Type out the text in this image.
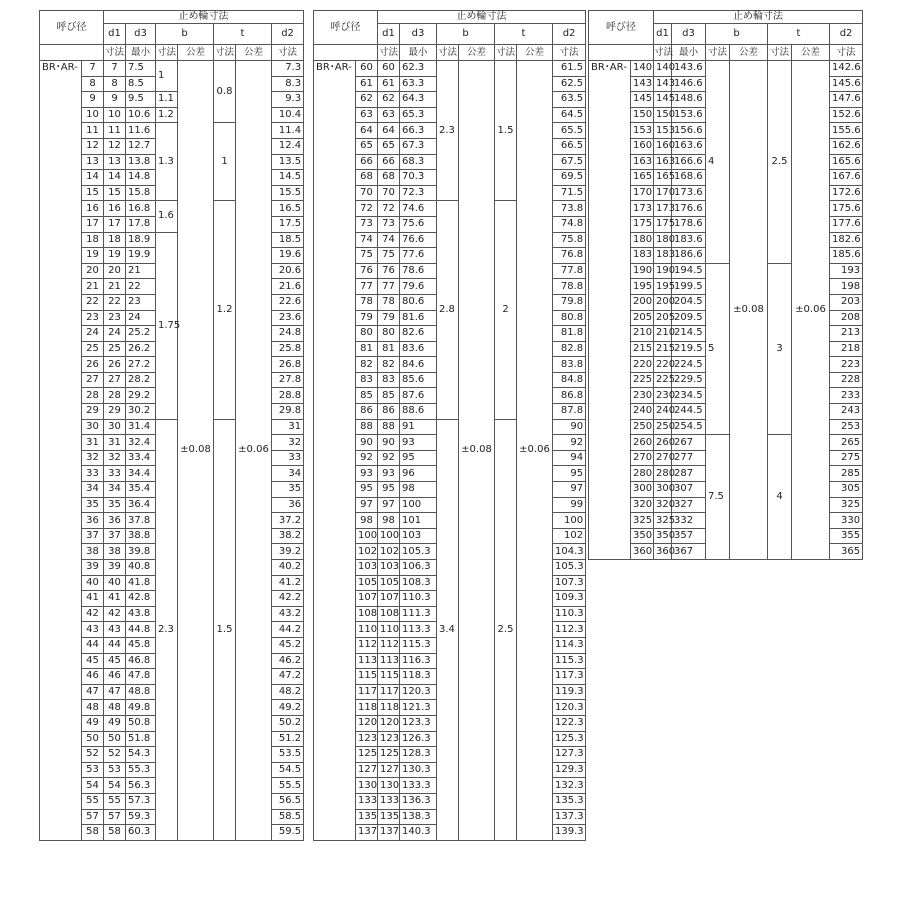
呼び径		止め輪寸法						
		d1	d3	b		t		d2
		寸法	最小	寸法	公差	寸法	公差	寸法
BR･AR-	7	7	7.5	1	±0.08	0.8	±0.06	7.3
	8	8	8.5					8.3
	9	9	9.5	1.1				9.3
	10	10	10.6	1.2				10.4
	11	11	11.6	1.3		1		11.4
	12	12	12.7					12.4
	13	13	13.8					13.5
	14	14	14.8					14.5
	15	15	15.8					15.5
	16	16	16.8	1.6		1.2		16.5
	17	17	17.8					17.5
	18	18	18.9	1.75				18.5
	19	19	19.9					19.6
	20	20	21					20.6
	21	21	22					21.6
	22	22	23					22.6
	23	23	24					23.6
	24	24	25.2					24.8
	25	25	26.2					25.8
	26	26	27.2					26.8
	27	27	28.2					27.8
	28	28	29.2					28.8
	29	29	30.2					29.8
	30	30	31.4	2.3		1.5		31
	31	31	32.4					32
	32	32	33.4					33
	33	33	34.4					34
	34	34	35.4					35
	35	35	36.4					36
	36	36	37.8					37.2
	37	37	38.8					38.2
	38	38	39.8					39.2
	39	39	40.8					40.2
	40	40	41.8					41.2
	41	41	42.8					42.2
	42	42	43.8					43.2
	43	43	44.8					44.2
	44	44	45.8					45.2
	45	45	46.8					46.2
	46	46	47.8					47.2
	47	47	48.8					48.2
	48	48	49.8					49.2
	49	49	50.8					50.2
	50	50	51.8					51.2
	52	52	54.3					53.5
	53	53	55.3					54.5
	54	54	56.3					55.5
	55	55	57.3					56.5
	57	57	59.3					58.5
	58	58	60.3					59.5
呼び径		止め輪寸法						
		d1	d3	b		t		d2
		寸法	最小	寸法	公差	寸法	公差	寸法
BR･AR-	60	60	62.3	2.3	±0.08	1.5	±0.06	61.5
	61	61	63.3					62.5
	62	62	64.3					63.5
	63	63	65.3					64.5
	64	64	66.3					65.5
	65	65	67.3					66.5
	66	66	68.3					67.5
	68	68	70.3					69.5
	70	70	72.3					71.5
	72	72	74.6	2.8		2		73.8
	73	73	75.6					74.8
	74	74	76.6					75.8
	75	75	77.6					76.8
	76	76	78.6					77.8
	77	77	79.6					78.8
	78	78	80.6					79.8
	79	79	81.6					80.8
	80	80	82.6					81.8
	81	81	83.6					82.8
	82	82	84.6					83.8
	83	83	85.6					84.8
	85	85	87.6					86.8
	86	86	88.6					87.8
	88	88	91	3.4		2.5		90
	90	90	93					92
	92	92	95					94
	93	93	96					95
	95	95	98					97
	97	97	100					99
	98	98	101					100
	100	100	103					102
	102	102	105.3					104.3
	103	103	106.3					105.3
	105	105	108.3					107.3
	107	107	110.3					109.3
	108	108	111.3					110.3
	110	110	113.3					112.3
	112	112	115.3					114.3
	113	113	116.3					115.3
	115	115	118.3					117.3
	117	117	120.3					119.3
	118	118	121.3					120.3
	120	120	123.3					122.3
	123	123	126.3					125.3
	125	125	128.3					127.3
	127	127	130.3					129.3
	130	130	133.3					132.3
	133	133	136.3					135.3
	135	135	138.3					137.3
	137	137	140.3					139.3
呼び径		止め輪寸法						
		d1	d3	b		t		d2
		寸法	最小	寸法	公差	寸法	公差	寸法
BR･AR-	140	140	143.6	4	±0.08	2.5	±0.06	142.6
	143	143	146.6					145.6
	145	145	148.6					147.6
	150	150	153.6					152.6
	153	153	156.6					155.6
	160	160	163.6					162.6
	163	163	166.6					165.6
	165	165	168.6					167.6
	170	170	173.6					172.6
	173	173	176.6					175.6
	175	175	178.6					177.6
	180	180	183.6					182.6
	183	183	186.6					185.6
	190	190	194.5	5		3		193
	195	195	199.5					198
	200	200	204.5					203
	205	205	209.5					208
	210	210	214.5					213
	215	215	219.5					218
	220	220	224.5					223
	225	225	229.5					228
	230	230	234.5					233
	240	240	244.5					243
	250	250	254.5					253
	260	260	267	7.5		4		265
	270	270	277					275
	280	280	287					285
	300	300	307					305
	320	320	327					325
	325	325	332					330
	350	350	357					355
	360	360	367					365
